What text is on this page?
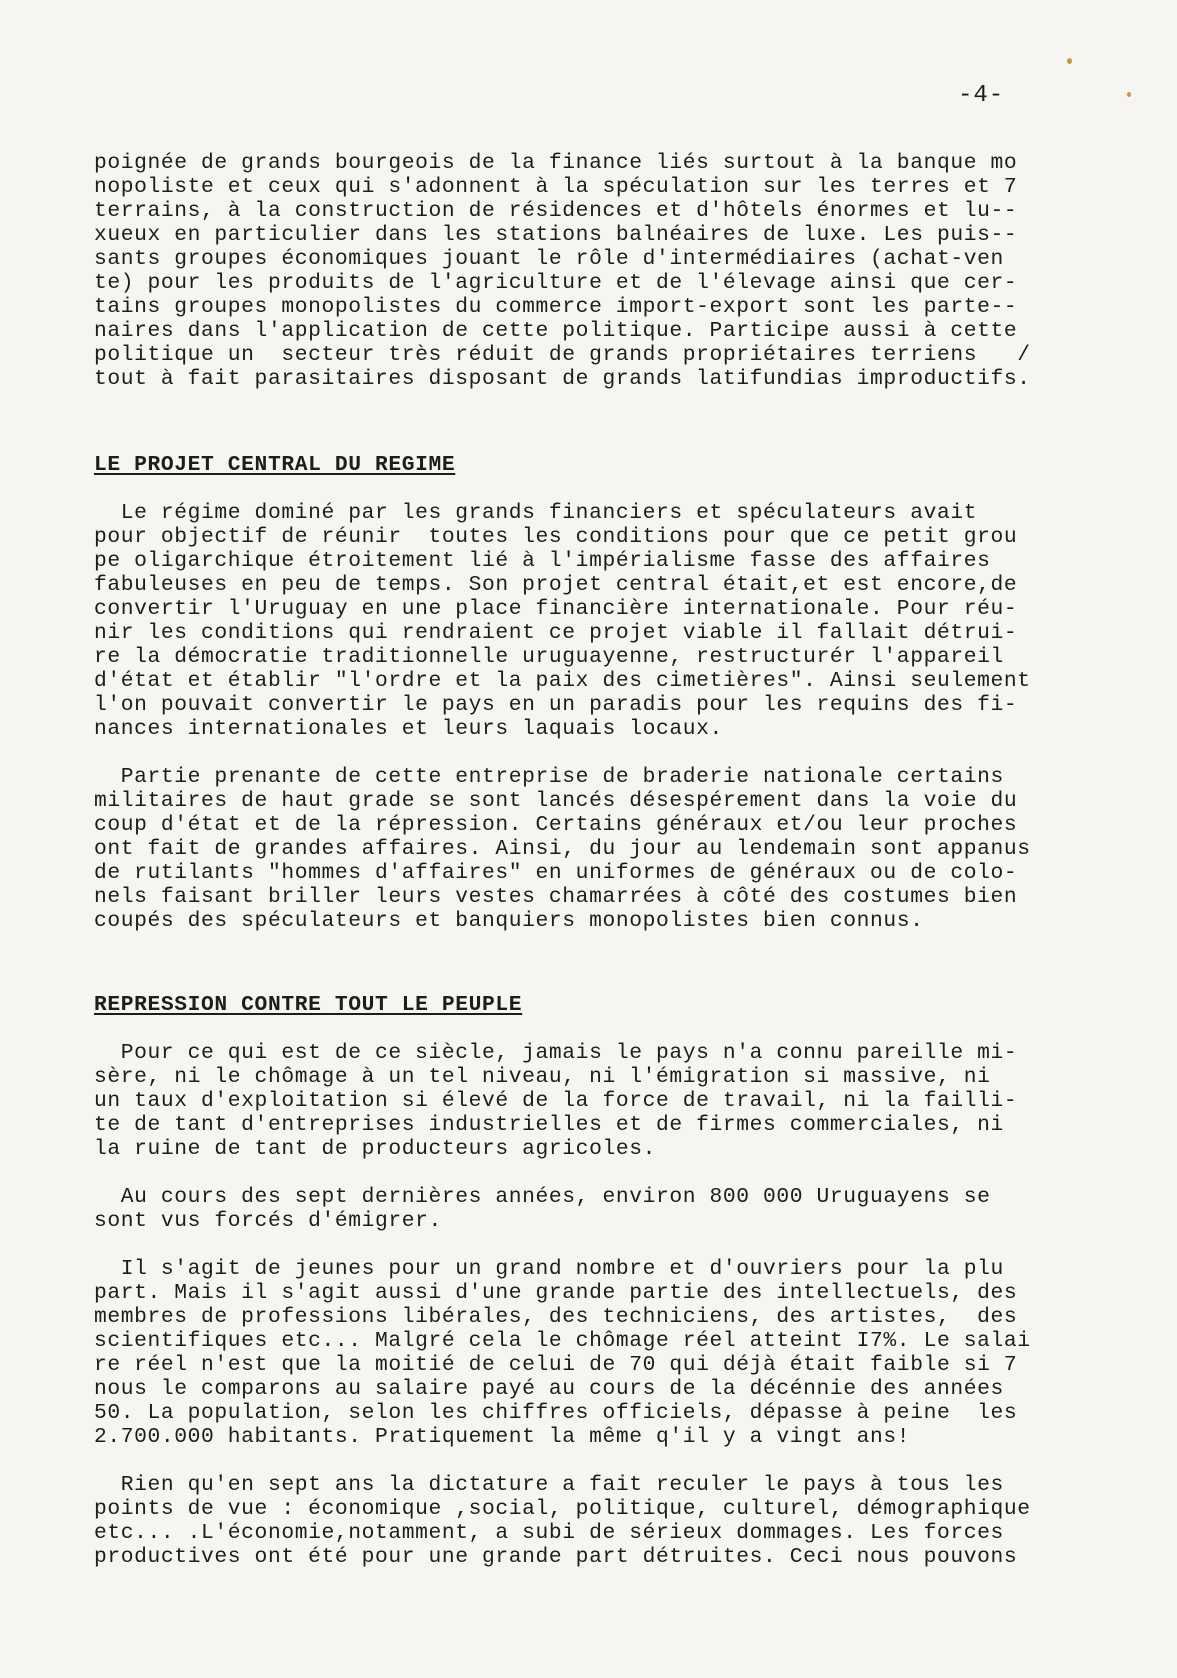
-4-

poignée de grands bourgeois de la finance liés surtout à la banque mo
nopoliste et ceux qui s'adonnent à la spéculation sur les terres et 7
terrains, à la construction de résidences et d'hôtels énormes et lu--
xueux en particulier dans les stations balnéaires de luxe. Les puis--
sants groupes économiques jouant le rôle d'intermédiaires (achat-ven
te) pour les produits de l'agriculture et de l'élevage ainsi que cer-
tains groupes monopolistes du commerce import-export sont les parte--
naires dans l'application de cette politique. Participe aussi à cette
politique un  secteur très réduit de grands propriétaires terriens   /
tout à fait parasitaires disposant de grands latifundias improductifs.

LE PROJET CENTRAL DU REGIME

Le régime dominé par les grands financiers et spéculateurs avait
pour objectif de réunir  toutes les conditions pour que ce petit grou
pe oligarchique étroitement lié à l'impérialisme fasse des affaires
fabuleuses en peu de temps. Son projet central était,et est encore,de
convertir l'Uruguay en une place financière internationale. Pour réu-
nir les conditions qui rendraient ce projet viable il fallait détrui-
re la démocratie traditionnelle uruguayenne, restructurér l'appareil
d'état et établir "l'ordre et la paix des cimetières". Ainsi seulement
l'on pouvait convertir le pays en un paradis pour les requins des fi-
nances internationales et leurs laquais locaux.

Partie prenante de cette entreprise de braderie nationale certains
militaires de haut grade se sont lancés désespérement dans la voie du
coup d'état et de la répression. Certains généraux et/ou leur proches
ont fait de grandes affaires. Ainsi, du jour au lendemain sont appanus
de rutilants "hommes d'affaires" en uniformes de généraux ou de colo-
nels faisant briller leurs vestes chamarrées à côté des costumes bien
coupés des spéculateurs et banquiers monopolistes bien connus.

REPRESSION CONTRE TOUT LE PEUPLE

Pour ce qui est de ce siècle, jamais le pays n'a connu pareille mi-
sère, ni le chômage à un tel niveau, ni l'émigration si massive, ni
un taux d'exploitation si élevé de la force de travail, ni la failli-
te de tant d'entreprises industrielles et de firmes commerciales, ni
la ruine de tant de producteurs agricoles.

Au cours des sept dernières années, environ 800 000 Uruguayens se
sont vus forcés d'émigrer.

Il s'agit de jeunes pour un grand nombre et d'ouvriers pour la plu
part. Mais il s'agit aussi d'une grande partie des intellectuels, des
membres de professions libérales, des techniciens, des artistes,  des
scientifiques etc... Malgré cela le chômage réel atteint I7%. Le salai
re réel n'est que la moitié de celui de 70 qui déjà était faible si 7
nous le comparons au salaire payé au cours de la décénnie des années
50. La population, selon les chiffres officiels, dépasse à peine  les
2.700.000 habitants. Pratiquement la même q'il y a vingt ans!

Rien qu'en sept ans la dictature a fait reculer le pays à tous les
points de vue : économique ,social, politique, culturel, démographique
etc... .L'économie,notamment, a subi de sérieux dommages. Les forces
productives ont été pour une grande part détruites. Ceci nous pouvons
